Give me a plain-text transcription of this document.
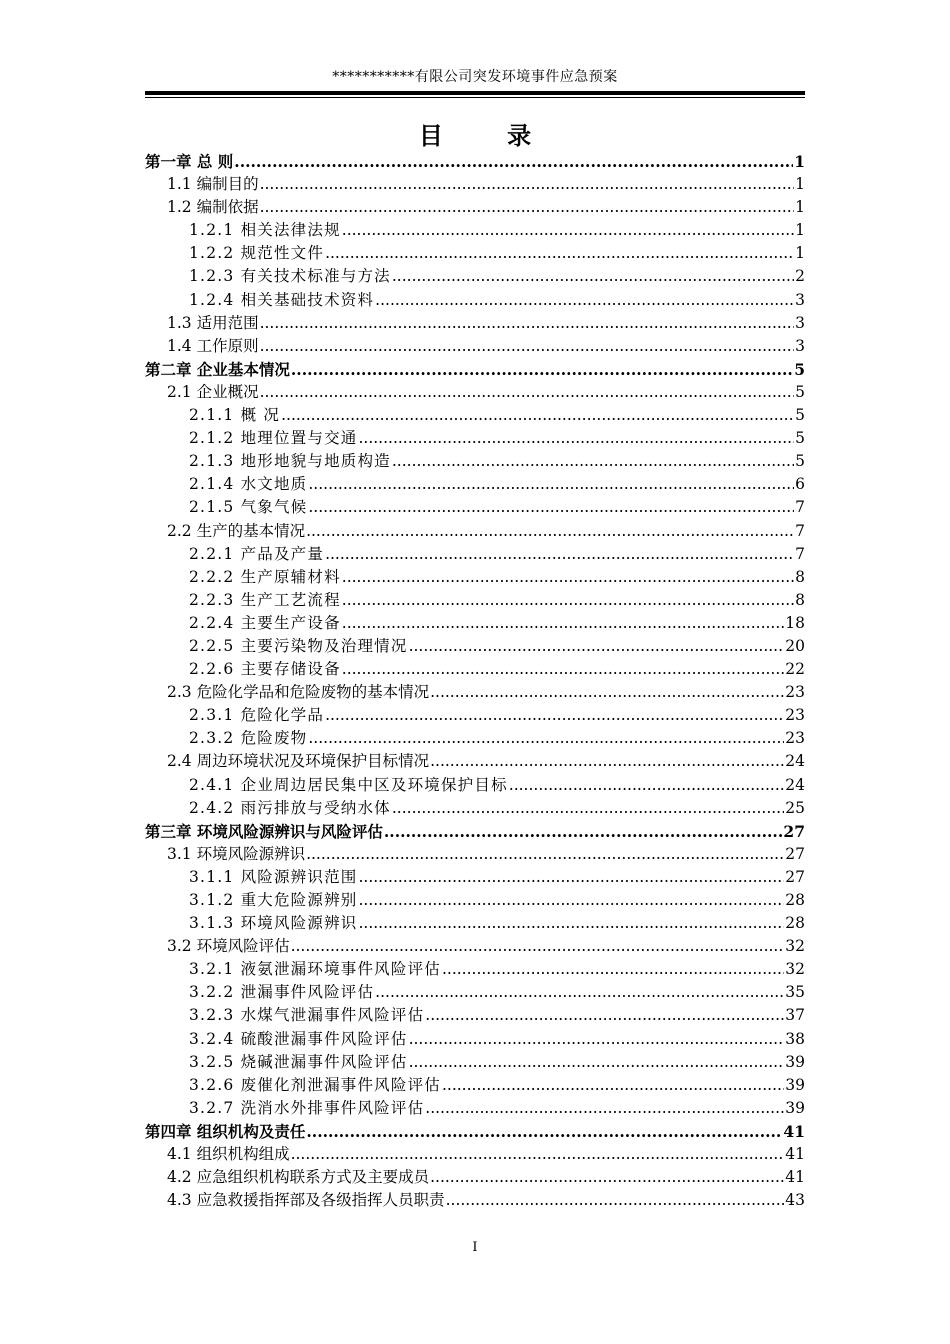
***********有限公司突发环境事件应急预案
目 录
第一章 总 则 .....	1
1.1 编制目的 .....	1
1.2 编制依据 .....	1
1.2.1 相关法律法规 .....	1
1.2.2 规范性文件 .....	1
1.2.3 有关技术标准与方法 .....	2
1.2.4 相关基础技术资料 .....	3
1.3 适用范围 .....	3
1.4 工作原则 .....	3
第二章 企业基本情况 .....	5
2.1 企业概况 .....	5
2.1.1 概 况 .....	5
2.1.2 地理位置与交通 .....	5
2.1.3 地形地貌与地质构造 .....	5
2.1.4 水文地质 .....	6
2.1.5 气象气候 .....	7
2.2 生产的基本情况 .....	7
2.2.1 产品及产量 .....	7
2.2.2 生产原辅材料 .....	8
2.2.3 生产工艺流程 .....	8
2.2.4 主要生产设备 .....	18
2.2.5 主要污染物及治理情况 .....	20
2.2.6 主要存储设备 .....	22
2.3 危险化学品和危险废物的基本情况 .....	23
2.3.1 危险化学品 .....	23
2.3.2 危险废物 .....	23
2.4 周边环境状况及环境保护目标情况 .....	24
2.4.1 企业周边居民集中区及环境保护目标 .....	24
2.4.2 雨污排放与受纳水体 .....	25
第三章 环境风险源辨识与风险评估 .....	27
3.1 环境风险源辨识 .....	27
3.1.1 风险源辨识范围 .....	27
3.1.2 重大危险源辨别 .....	28
3.1.3 环境风险源辨识 .....	28
3.2 环境风险评估 .....	32
3.2.1 液氨泄漏环境事件风险评估 .....	32
3.2.2 泄漏事件风险评估 .....	35
3.2.3 水煤气泄漏事件风险评估 .....	37
3.2.4 硫酸泄漏事件风险评估 .....	38
3.2.5 烧碱泄漏事件风险评估 .....	39
3.2.6 废催化剂泄漏事件风险评估 .....	39
3.2.7 洗消水外排事件风险评估 .....	39
第四章 组织机构及责任 .....	41
4.1 组织机构组成 .....	41
4.2 应急组织机构联系方式及主要成员 .....	41
4.3 应急救援指挥部及各级指挥人员职责 .....	43
I
